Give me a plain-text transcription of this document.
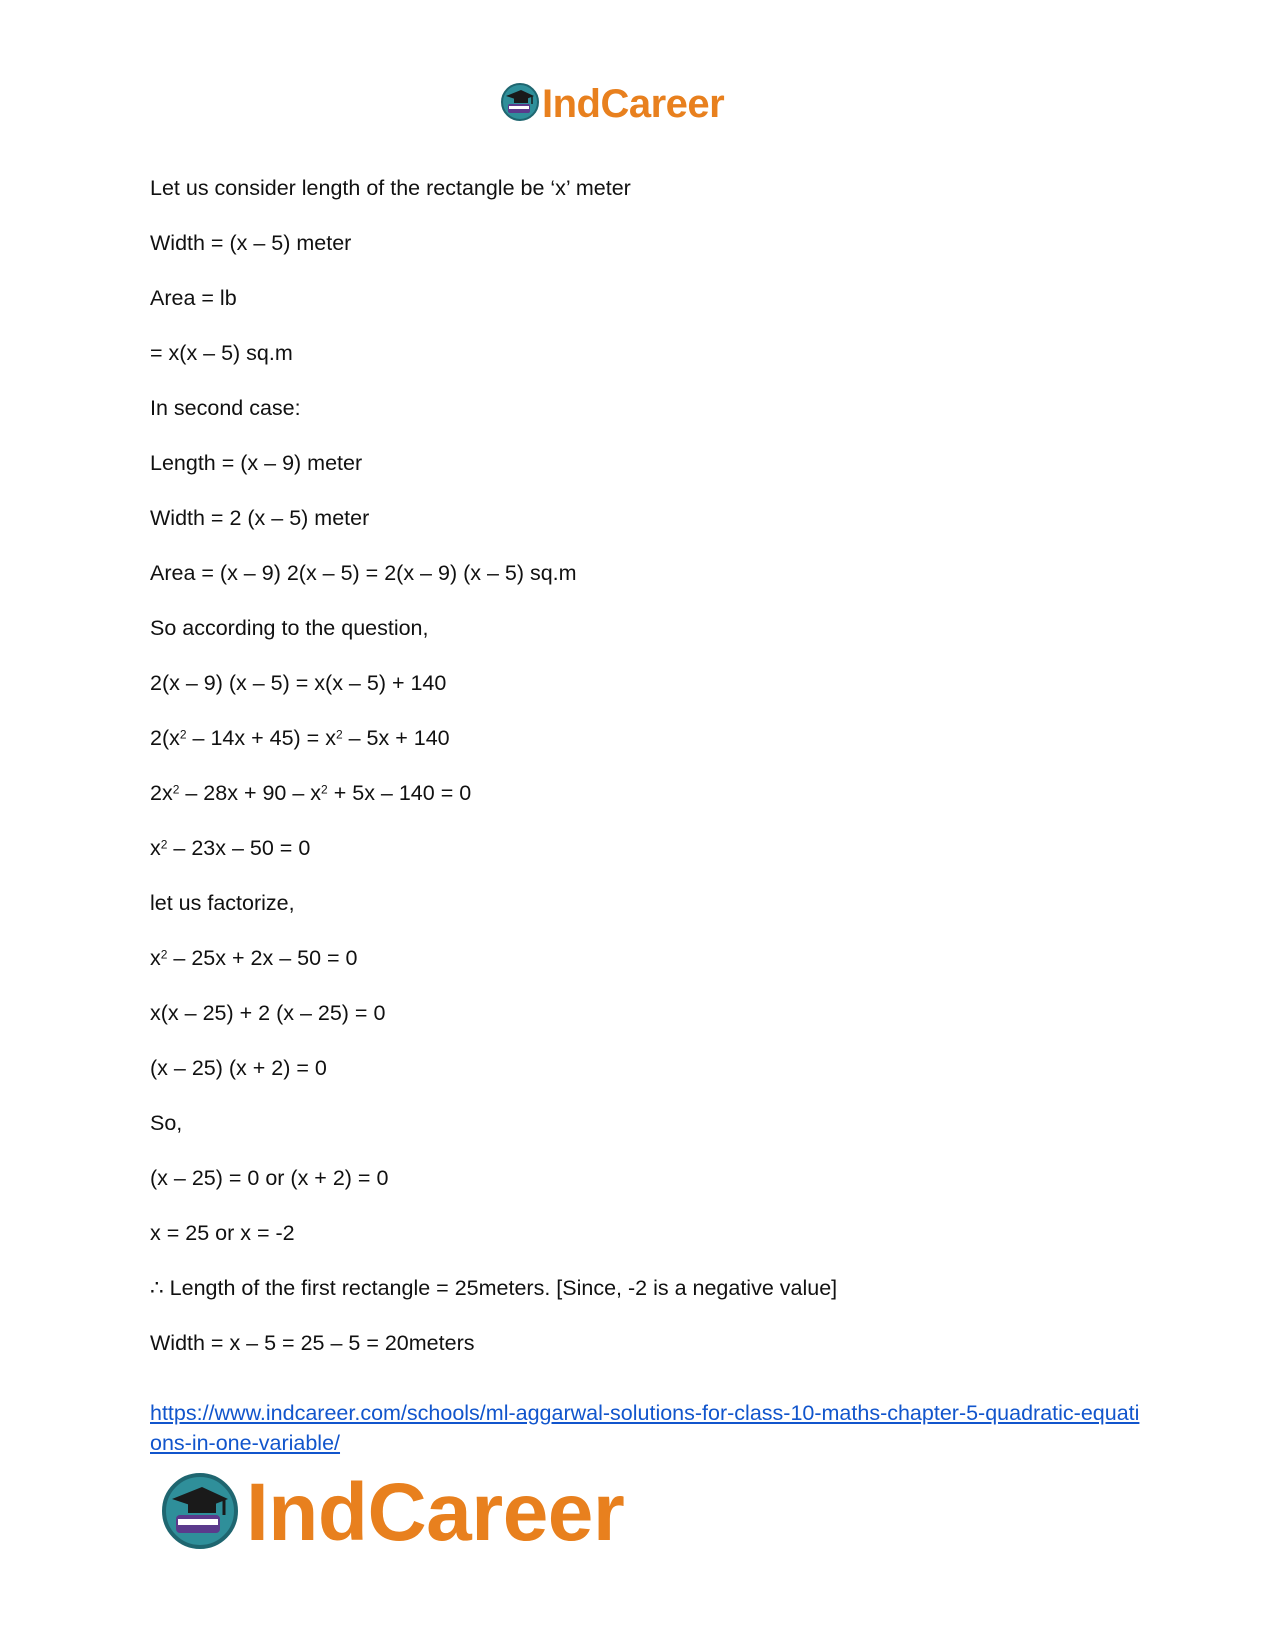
IndCareer
Let us consider length of the rectangle be ‘x’ meter
Width = (x – 5) meter
Area = lb
= x(x – 5) sq.m
In second case:
Length = (x – 9) meter
Width = 2 (x – 5) meter
Area = (x – 9) 2(x – 5) = 2(x – 9) (x – 5) sq.m
So according to the question,
2(x – 9) (x – 5) = x(x – 5) + 140
$2(x^2 - 14x + 45) = x^2 - 5x + 140$
$2x^2 - 28x + 90 - x^2 + 5x - 140 = 0$
$x^2 - 23x - 50 = 0$
let us factorize,
$x^2 - 25x + 2x - 50 = 0$
x(x – 25) + 2 (x – 25) = 0
(x – 25) (x + 2) = 0
So,
(x – 25) = 0 or (x + 2) = 0
x = 25 or x = -2
∴ Length of the first rectangle = 25meters. [Since, -2 is a negative value]
Width = x – 5 = 25 – 5 = 20meters
https://www.indcareer.com/schools/ml-aggarwal-solutions-for-class-10-maths-chapter-5-quadratic-equations-in-one-variable/
IndCareer
